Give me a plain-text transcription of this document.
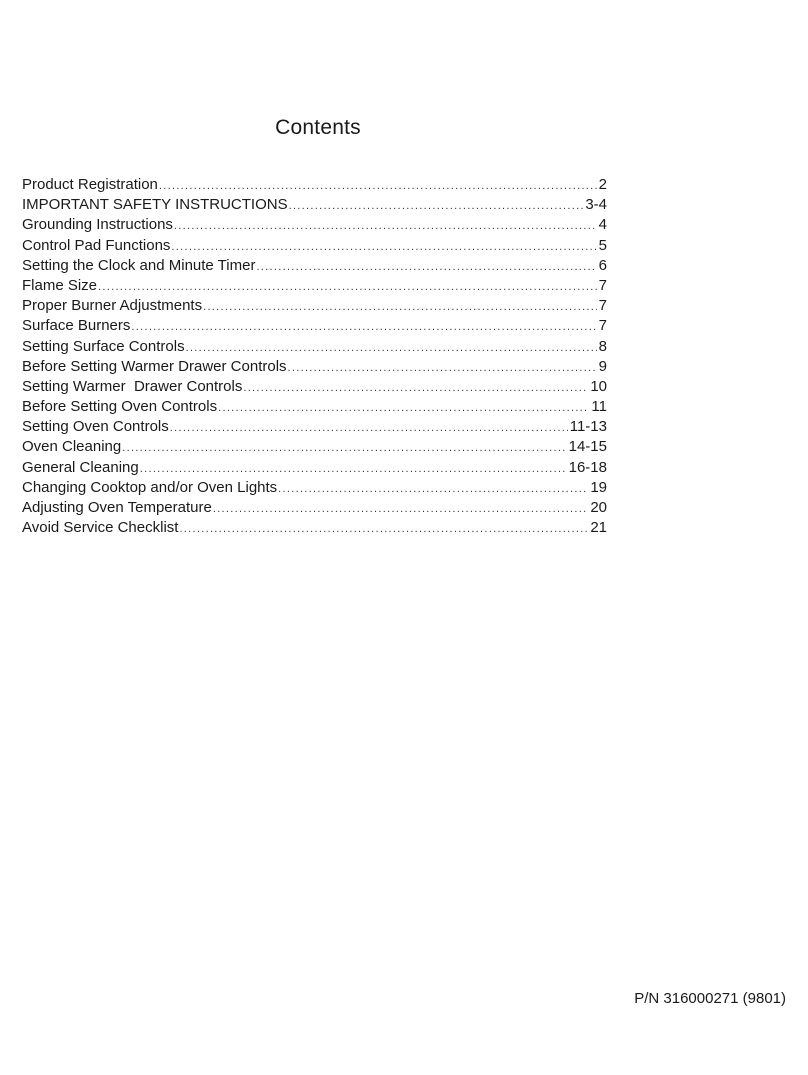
Contents
Product Registration .....	2
IMPORTANT SAFETY INSTRUCTIONS .....	3-4
Grounding Instructions .....	4
Control Pad Functions .....	5
Setting the Clock and Minute Timer .....	6
Flame Size .....	7
Proper Burner Adjustments .....	7
Surface Burners .....	7
Setting Surface Controls .....	8
Before Setting Warmer Drawer Controls .....	9
Setting Warmer  Drawer Controls .....	10
Before Setting Oven Controls .....	11
Setting Oven Controls .....	11-13
Oven Cleaning .....	14-15
General Cleaning .....	16-18
Changing Cooktop and/or Oven Lights .....	19
Adjusting Oven Temperature .....	20
Avoid Service Checklist .....	21

P/N 316000271 (9801)
